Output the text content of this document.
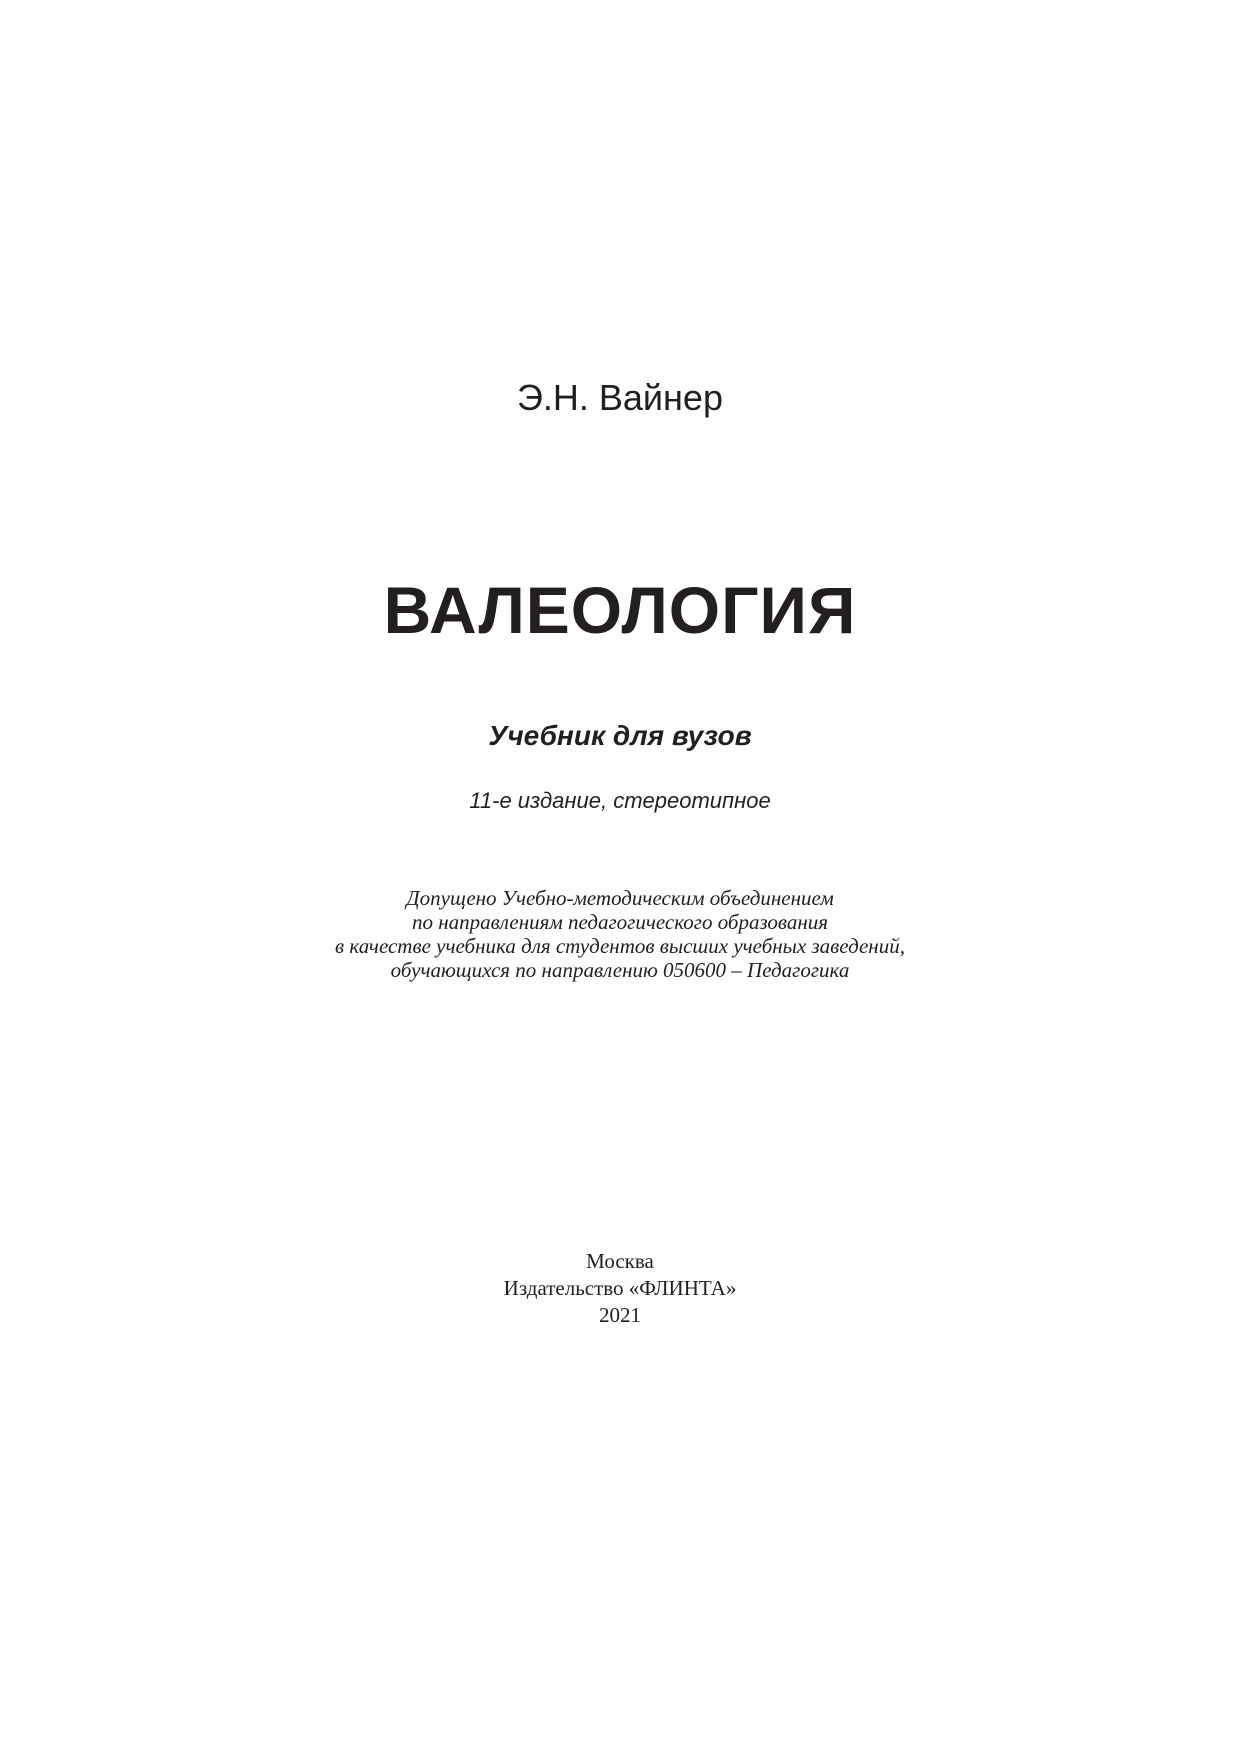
Э.Н. Вайнер
ВАЛЕОЛОГИЯ
Учебник для вузов
11-е издание, стереотипное
Допущено Учебно-методическим объединением
по направлениям педагогического образования
в качестве учебника для студентов высших учебных заведений,
обучающихся по направлению 050600 – Педагогика
Москва
Издательство «ФЛИНТА»
2021
